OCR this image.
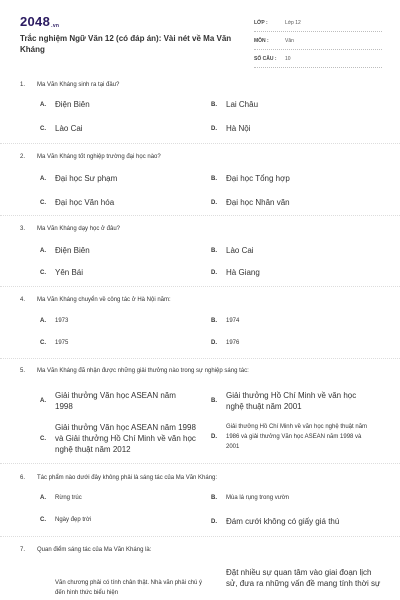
2048.vn
Trắc nghiệm Ngữ Văn 12 (có đáp án): Vài nét về Ma Văn Kháng
LỚP :	Lớp 12
MÔN :	Văn
SỐ CÂU :	10
1. Ma Văn Kháng sinh ra tại đâu?
A.	Điện Biên	B.	Lai Châu
C.	Lào Cai	D.	Hà Nội
2. Ma Văn Kháng tốt nghiệp trường đại học nào?
A.	Đại học Sư phạm	B.	Đại học Tổng hợp
C.	Đại học Văn hóa	D.	Đại học Nhân văn
3. Ma Văn Kháng dạy học ở đâu?
A.	Điện Biên	B.	Lào Cai
C.	Yên Bái	D.	Hà Giang
4. Ma Văn Kháng chuyển về công tác ở Hà Nội năm:
A.	1973	B.	1974
C.	1975	D.	1976
5. Ma Văn Kháng đã nhận được những giải thưởng nào trong sự nghiệp sáng tác:
A.
Giải thưởng Văn học ASEAN năm 1998
B.
Giải thưởng Hồ Chí Minh về văn học nghệ thuật năm 2001
C.
Giải thưởng Văn học ASEAN năm 1998 và Giải thưởng Hồ Chí Minh về văn học nghệ thuật năm 2012
D.
Giải thưởng Hồ Chí Minh về văn học nghệ thuật năm 1986 và giải thưởng Văn học ASEAN năm 1998 và 2001
6. Tác phẩm nào dưới đây không phải là sáng tác của Ma Văn Kháng:
A.	Rừng trúc	B.	Mùa lá rụng trong vườn
C.	Ngày đẹp trời	D.	Đám cưới không có giấy giá thú
7. Quan điểm sáng tác của Ma Văn Kháng là:
Văn chương phải có tính chân thật. Nhà văn phải chú ý đến hình thức biểu hiện
Đặt nhiều sự quan tâm vào giai đoạn lịch sử, đưa ra những vấn đề mang tính thời sự
